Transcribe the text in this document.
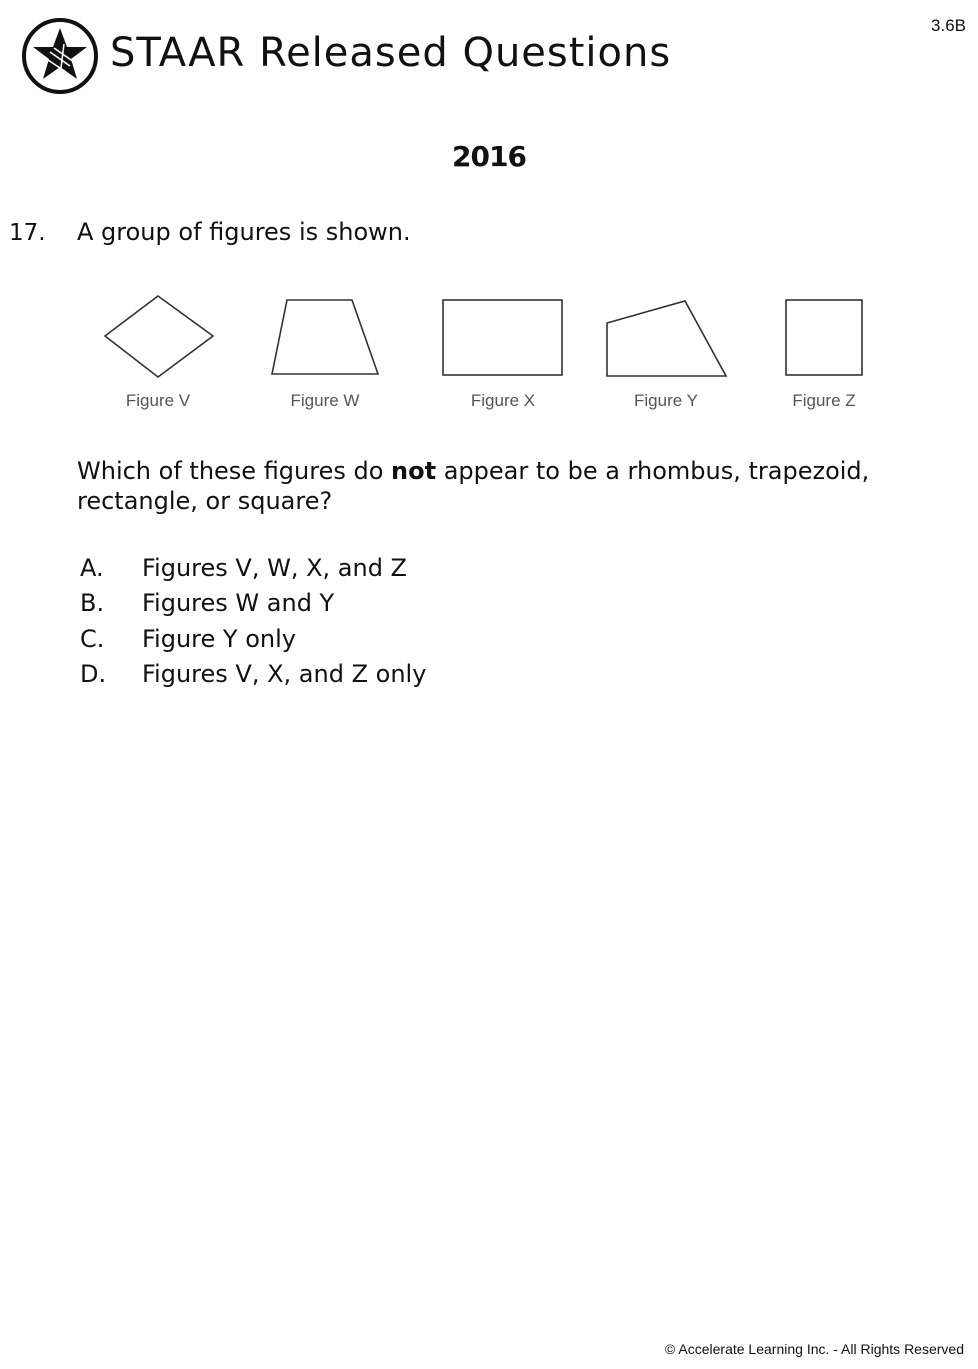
3.6B
STAAR Released Questions
2016
17. A group of figures is shown.
Figure V	Figure W	Figure X	Figure Y	Figure Z
Which of these figures do not appear to be a rhombus, trapezoid, rectangle, or square?
A.	Figures V, W, X, and Z
B.	Figures W and Y
C.	Figure Y only
D.	Figures V, X, and Z only
© Accelerate Learning Inc. - All Rights Reserved
